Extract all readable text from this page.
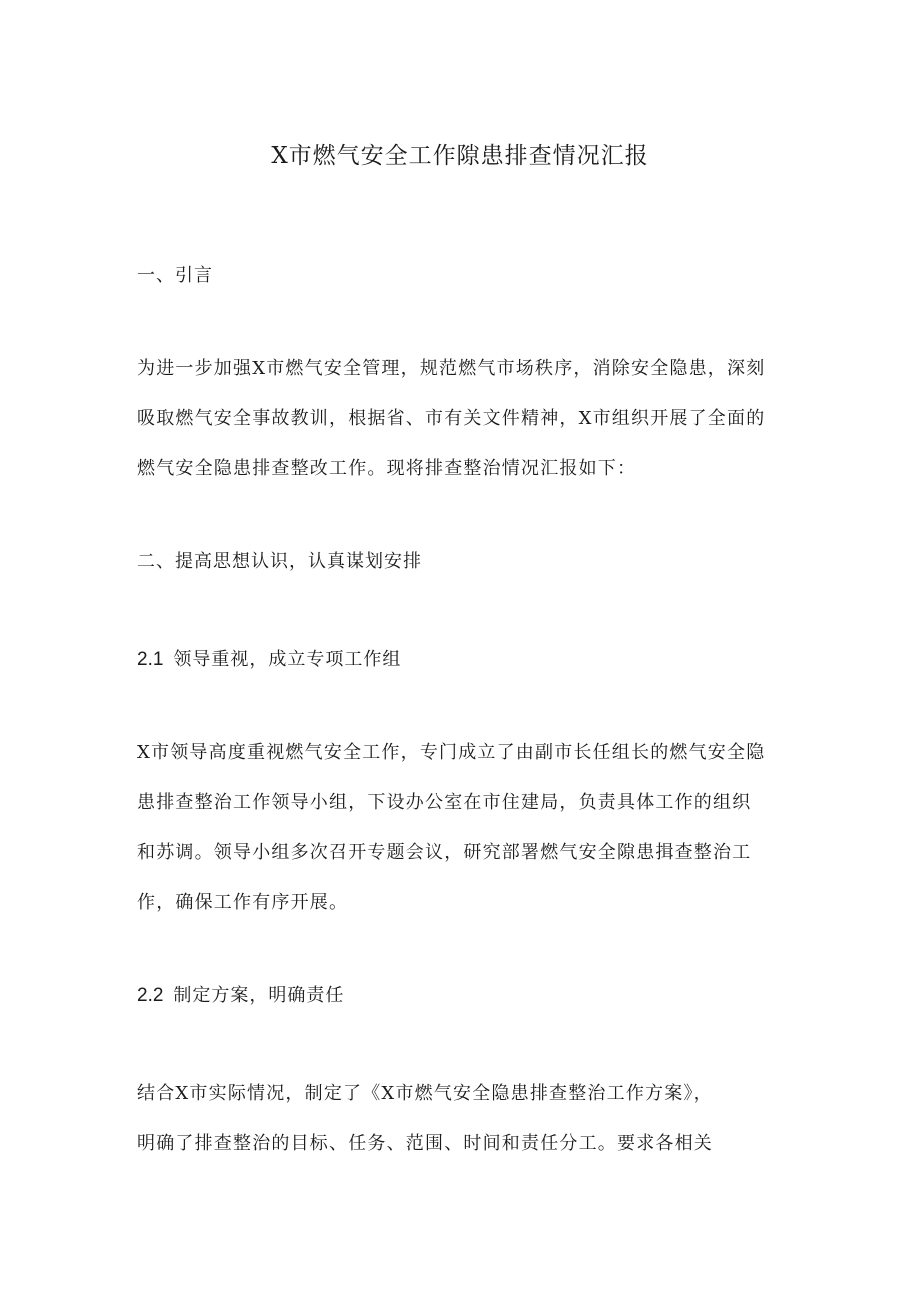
X市燃气安全工作隙患排查情况汇报
一、引言
为进一步加强X市燃气安全管理，规范燃气市场秩序，消除安全隐患，深刻
吸取燃气安全事故教训，根据省、市有关文件精神，X市组织开展了全面的
燃气安全隐患排查整改工作。现将排查整治情况汇报如下：
二、提高思想认识，认真谋划安排
2.1 领导重视，成立专项工作组
X市领导高度重视燃气安全工作，专门成立了由副市长任组长的燃气安全隐
患排查整治工作领导小组，下设办公室在市住建局，负责具体工作的组织
和苏调。领导小组多次召开专题会议，研究部署燃气安全隙患揖查整治工
作，确保工作有序开展。
2.2 制定方案，明确责任
结合X市实际情况，制定了《X市燃气安全隐患排查整治工作方案》，
明确了排查整治的目标、任务、范围、时间和责任分工。要求各相关
